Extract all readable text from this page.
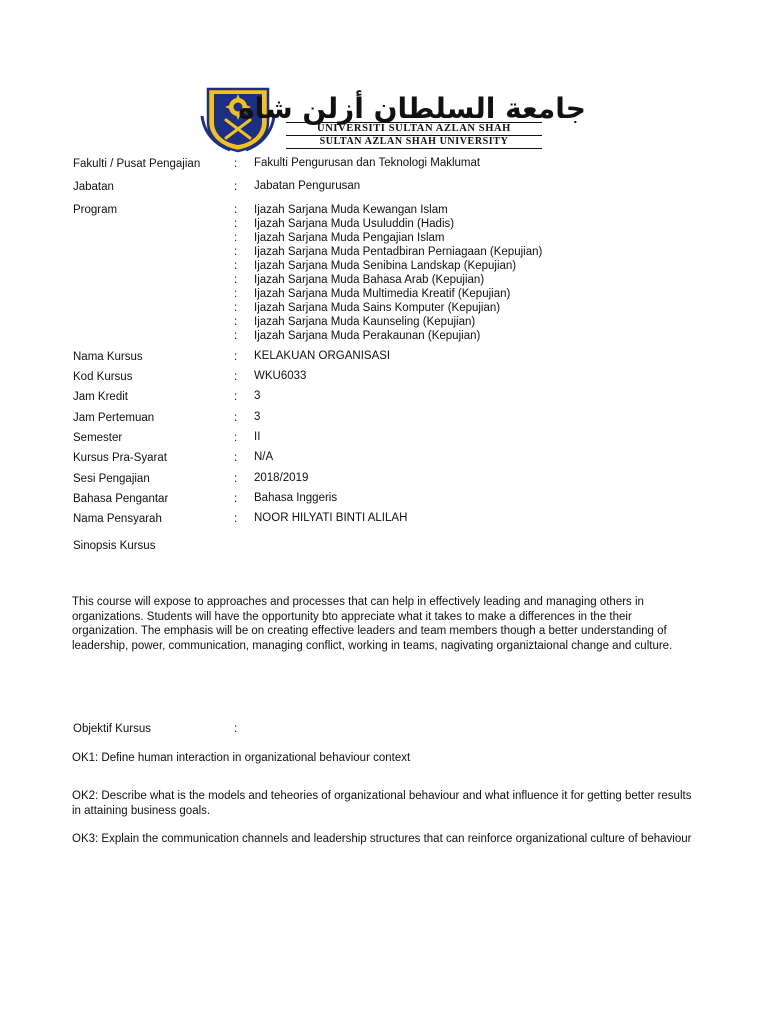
جامعة السلطان أزلن شاه
UNIVERSITI SULTAN AZLAN SHAH
SULTAN AZLAN SHAH UNIVERSITY
Fakulti / Pusat Pengajian	: Fakulti Pengurusan dan Teknologi Maklumat
Jabatan	: Jabatan Pengurusan
Program	: Ijazah Sarjana Muda Kewangan Islam
: Ijazah Sarjana Muda Usuluddin (Hadis)
: Ijazah Sarjana Muda Pengajian Islam
: Ijazah Sarjana Muda Pentadbiran Perniagaan (Kepujian)
: Ijazah Sarjana Muda Senibina Landskap (Kepujian)
: Ijazah Sarjana Muda Bahasa Arab (Kepujian)
: Ijazah Sarjana Muda Multimedia Kreatif (Kepujian)
: Ijazah Sarjana Muda Sains Komputer (Kepujian)
: Ijazah Sarjana Muda Kaunseling (Kepujian)
: Ijazah Sarjana Muda Perakaunan (Kepujian)
Nama Kursus	: KELAKUAN ORGANISASI
Kod Kursus	: WKU6033
Jam Kredit	: 3
Jam Pertemuan	: 3
Semester	: II
Kursus Pra-Syarat	: N/A
Sesi Pengajian	: 2018/2019
Bahasa Pengantar	: Bahasa Inggeris
Nama Pensyarah	: NOOR HILYATI BINTI ALILAH
Sinopsis Kursus
This course will expose to approaches and processes that can help in effectively leading and managing others in organizations. Students will have the opportunity bto appreciate what it takes to make a differences in the their organization. The emphasis will be on creating effective leaders and team members though a better understanding of leadership, power, communication, managing conflict, working in teams, nagivating organiztaional change and culture.
Objektif Kursus	:
OK1: Define human interaction in organizational behaviour context
OK2: Describe what is the models and teheories of organizational behaviour and what influence it for getting better results in attaining business goals.
OK3: Explain the communication channels and leadership structures that can reinforce organizational culture of behaviour
